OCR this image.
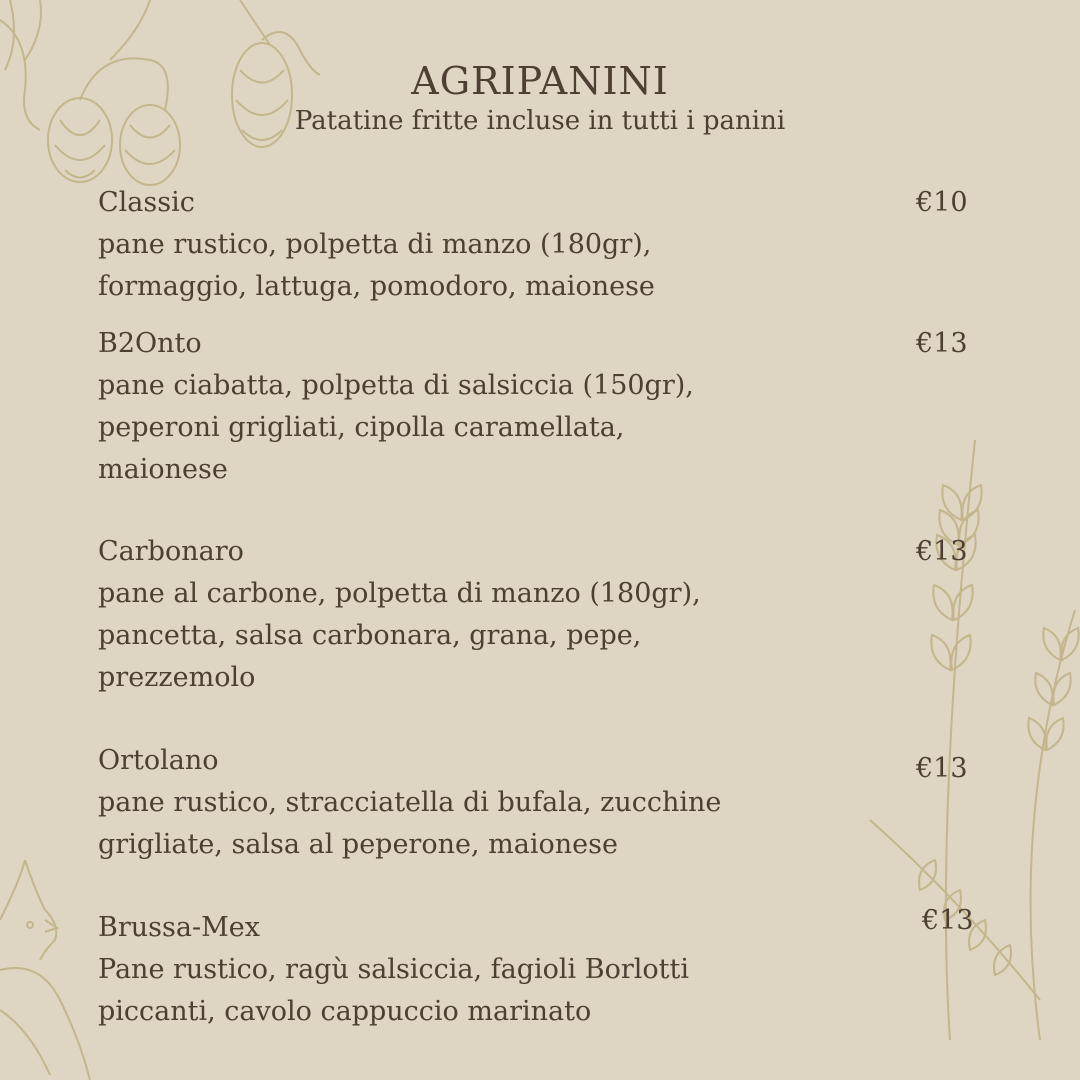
AGRIPANINI
Patatine fritte incluse in tutti i panini
Classic
pane rustico, polpetta di manzo (180gr), formaggio, lattuga, pomodoro, maionese
€10
B2Onto
pane ciabatta, polpetta di salsiccia (150gr), peperoni grigliati, cipolla caramellata, maionese
€13
Carbonaro
pane al carbone, polpetta di manzo (180gr), pancetta, salsa carbonara, grana, pepe, prezzemolo
€13
Ortolano
pane rustico, stracciatella di bufala, zucchine grigliate, salsa al peperone, maionese
€13
Brussa-Mex
Pane rustico, ragù salsiccia, fagioli Borlotti piccanti, cavolo cappuccio marinato
€13
